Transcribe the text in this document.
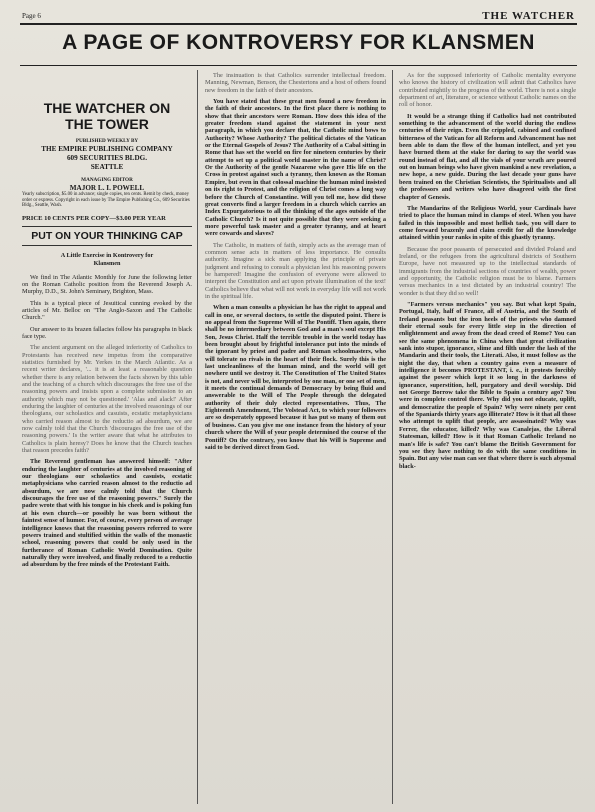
Page 6	THE WATCHER
A PAGE OF KONTROVERSY FOR KLANSMEN
THE WATCHER ON
THE TOWER
PUBLISHED WEEKLY BY
THE EMPIRE PUBLISHING COMPANY
609 SECURITIES BLDG.
SEATTLE
MANAGING EDITOR
MAJOR L. I. POWELL

Yearly subscription, $5.00 in advance; single copies, ten cents. Remit by check, money order or express. Copyright in each issue by The Empire Publishing Co., 609 Securities Bldg., Seattle, Wash.

PRICE 10 CENTS PER COPY—$3.00 PER YEAR
PUT ON YOUR THINKING CAP
A Little Exercise in Kontrovery for
Klansmen

We find in The Atlantic Monthly for June the following letter on the Roman Catholic position from the Reverend Joseph A. Murphy, D.D., St. John's Seminary, Brighton, Mass.

This is a typical piece of Jesuitical cunning evoked by the articles of Mr. Belloc on "The Anglo-Saxon and The Catholic Church."

Our answer to its brazen fallacies follow his paragraphs in black face type.

The ancient argument on the alleged inferiority of Catholics to Protestants has received new impetus from the comparative statistics furnished by Mr. Yerkes in the March Atlantic. As a recent writer declares, '... it is at least a reasonable question whether there is any relation between the facts shown by this table and the teaching of a church which discourages the free use of the reasoning powers and insists upon a complete submission to an authority which may not be questioned.' 'Alas and alack!' After enduring the laughter of centuries at the involved reasonings of our theologians, our scholastics and casuists, ecstatic metaphysicians who carried reason almost to the reductio ad absurdum, we are now calmly told that the Church 'discourages the free use of the reasoning powers.' Is the writer aware that what he attributes to Catholics is plain heresy? Does he know that the Church teaches that reason precedes faith?

The Reverend gentleman has answered himself: "After enduring the laughter of centuries at the involved reasoning of our theologians our scholastics and casuists, ecstatic metaphysicians who carried reason almost to the reductio ad absurdum, we are now calmly told that the Church discourages the free use of the reasoning powers." Surely the padre wrote that with his tongue in his cheek and is poking fun at his own church—or possibly he was born without the faintest sense of humor. For, of course, every person of average intelligence knows that the reasoning powers referred to were powers trained and stultified within the walls of the monastic school, reasoning powers that could be only used in the furtherance of Roman Catholic World Domination. Quite naturally they were involved, and finally reduced to a reductio ad absurdum by the free minds of the Protestant Faith.

The insinuation is that Catholics surrender intellectual freedom. Manning, Newman, Benson, the Chestertons and a host of others found new freedom in the faith of their ancestors.

You have stated that these great men found a new freedom in the faith of their ancestors. In the first place there is nothing to show that their ancestors were Roman. How does this idea of the greater freedom stand against the statement in your next paragraph, in which you declare that, the Catholic mind bows to Authority? Whose Authority? The political dictates of the Vatican or the Eternal Gospels of Jesus? The Authority of a Cabal sitting in Rome that has set the world on fire for nineteen centuries by their attempt to set up a political world master in the name of Christ? Or the Authority of the gentle Nazarene who gave His life on the Cross in protest against such a tyranny, then known as the Roman Empire, but even in that colossal machine the human mind insisted on its right to Protest, and the religion of Christ comes a long way before the Church of Constantine. Will you tell me, how did these great converts find a larger freedom in a church which carries an Index Expurgatorious to all the thinking of the ages outside of the Catholic Church? Is it not quite possible that they were seeking a more powerful task master and a greater tyranny, and at heart were cowards and slaves?

The Catholic, in matters of faith, simply acts as the average man of common sense acts in matters of less importance. He consults authority. Imagine a sick man applying the principle of private judgment and refusing to consult a physician lest his reasoning powers be hampered! Imagine the confusion of everyone were allowed to interpret the Constitution and act upon private illumination of the text! Catholics believe that what will not work in everyday life will not work in the spiritual life.

When a man consults a physician he has the right to appeal and call in one, or several doctors, to settle the disputed point. There is no appeal from the Supreme Will of The Pontiff. Then again, there shall be no intermediary between God and a man's soul except His Son, Jesus Christ. Half the terrible trouble in the world today has been brought about by frightful intolerance put into the minds of the ignorant by priest and padre and Roman schoolmasters, who will tolerate no rivals in the heart of their flock. Surely this is the last uncleanliness of the human mind, and the world will get nowhere until we destroy it. The Constitution of The United States is not, and never will be, interpreted by one man, or one set of men, it meets the continual demands of Democracy by being fluid and answerable to the Will of The People through the delegated authority of their duly elected representatives. Thus, The Eighteenth Amendment, The Volstead Act, to which your followers are so desperately opposed because it has put so many of them out of business. Can you give me one instance from the history of your church where the Will of your people determined the course of the Pontiff? On the contrary, you know that his Will is Supreme and said to be derived direct from God.

As for the supposed inferiority of Catholic mentality everyone who knows the history of civilization will admit that Catholics have contributed mightily to the progress of the world. There is not a single department of art, literature, or science without Catholic names on the roll of honor.

It would be a strange thing if Catholics had not contributed something to the advancement of the world during the endless centuries of their reign. Even the crippled, cabined and confined bitterness of the Vatican for all Reform and Advancement has not been able to dam the flow of the human intellect, and yet you have burned them at the stake for daring to say the world was round instead of flat, and all the vials of your wrath are poured out on human beings who have given mankind a new revelation, a new hope, a new guide. During the last decade your guns have been trained on the Christian Scientists, the Spiritualists and all the professors and writers who have disagreed with the first chapter of Genesis.

The Mandarins of the Religious World, your Cardinals have tried to place the human mind in clamps of steel. When you have failed in this impossible and most hellish task, you will dare to come forward brazenly and claim credit for all the knowledge attained within your ranks in spite of this ghastly tyranny.

Because the poor peasants of persecuted and divided Poland and Ireland, or the refugees from the agricultural districts of Southern Europe, have not measured up to the intellectual standards of immigrants from the industrial sections of countries of wealth, power and opportunity, the Catholic religion must be to blame. Farmers versus mechanics in a test dictated by an industrial country! The wonder is that they did so well!

"Farmers versus mechanics" you say. But what kept Spain, Portugal, Italy, half of France, all of Austria, and the South of Ireland peasants but the iron heels of the priests who damned their eternal souls for every little step in the direction of enlightenment and away from the dead creed of Rome? You can see the same phenomena in China when that great civilization sank into stupor, ignorance, slime and filth under the lash of the Mandarin and their tools, the Literati. Also, it must follow as the night the day, that when a country gains even a measure of intelligence it becomes PROTESTANT, i. e., it protests forcibly against the power which kept it so long in the darkness of ignorance, superstition, hell, purgatory and devil worship. Did not George Borrow take the Bible to Spain a century ago? You were in complete control there. Why did you not educate, uplift, and democratize the people of Spain? Why were ninety per cent of the Spaniards thirty years ago illiterate? How is it that all those who attempt to uplift that people, are assassinated? Why was Ferrer, the educator, killed? Why was Canalejas, the Liberal Statesman, killed? How is it that Roman Catholic Ireland no man's life is safe? You can't blame the British Government for you see they have nothing to do with the same conditions in Spain. But any wise man can see that where there is such abysmal black-
